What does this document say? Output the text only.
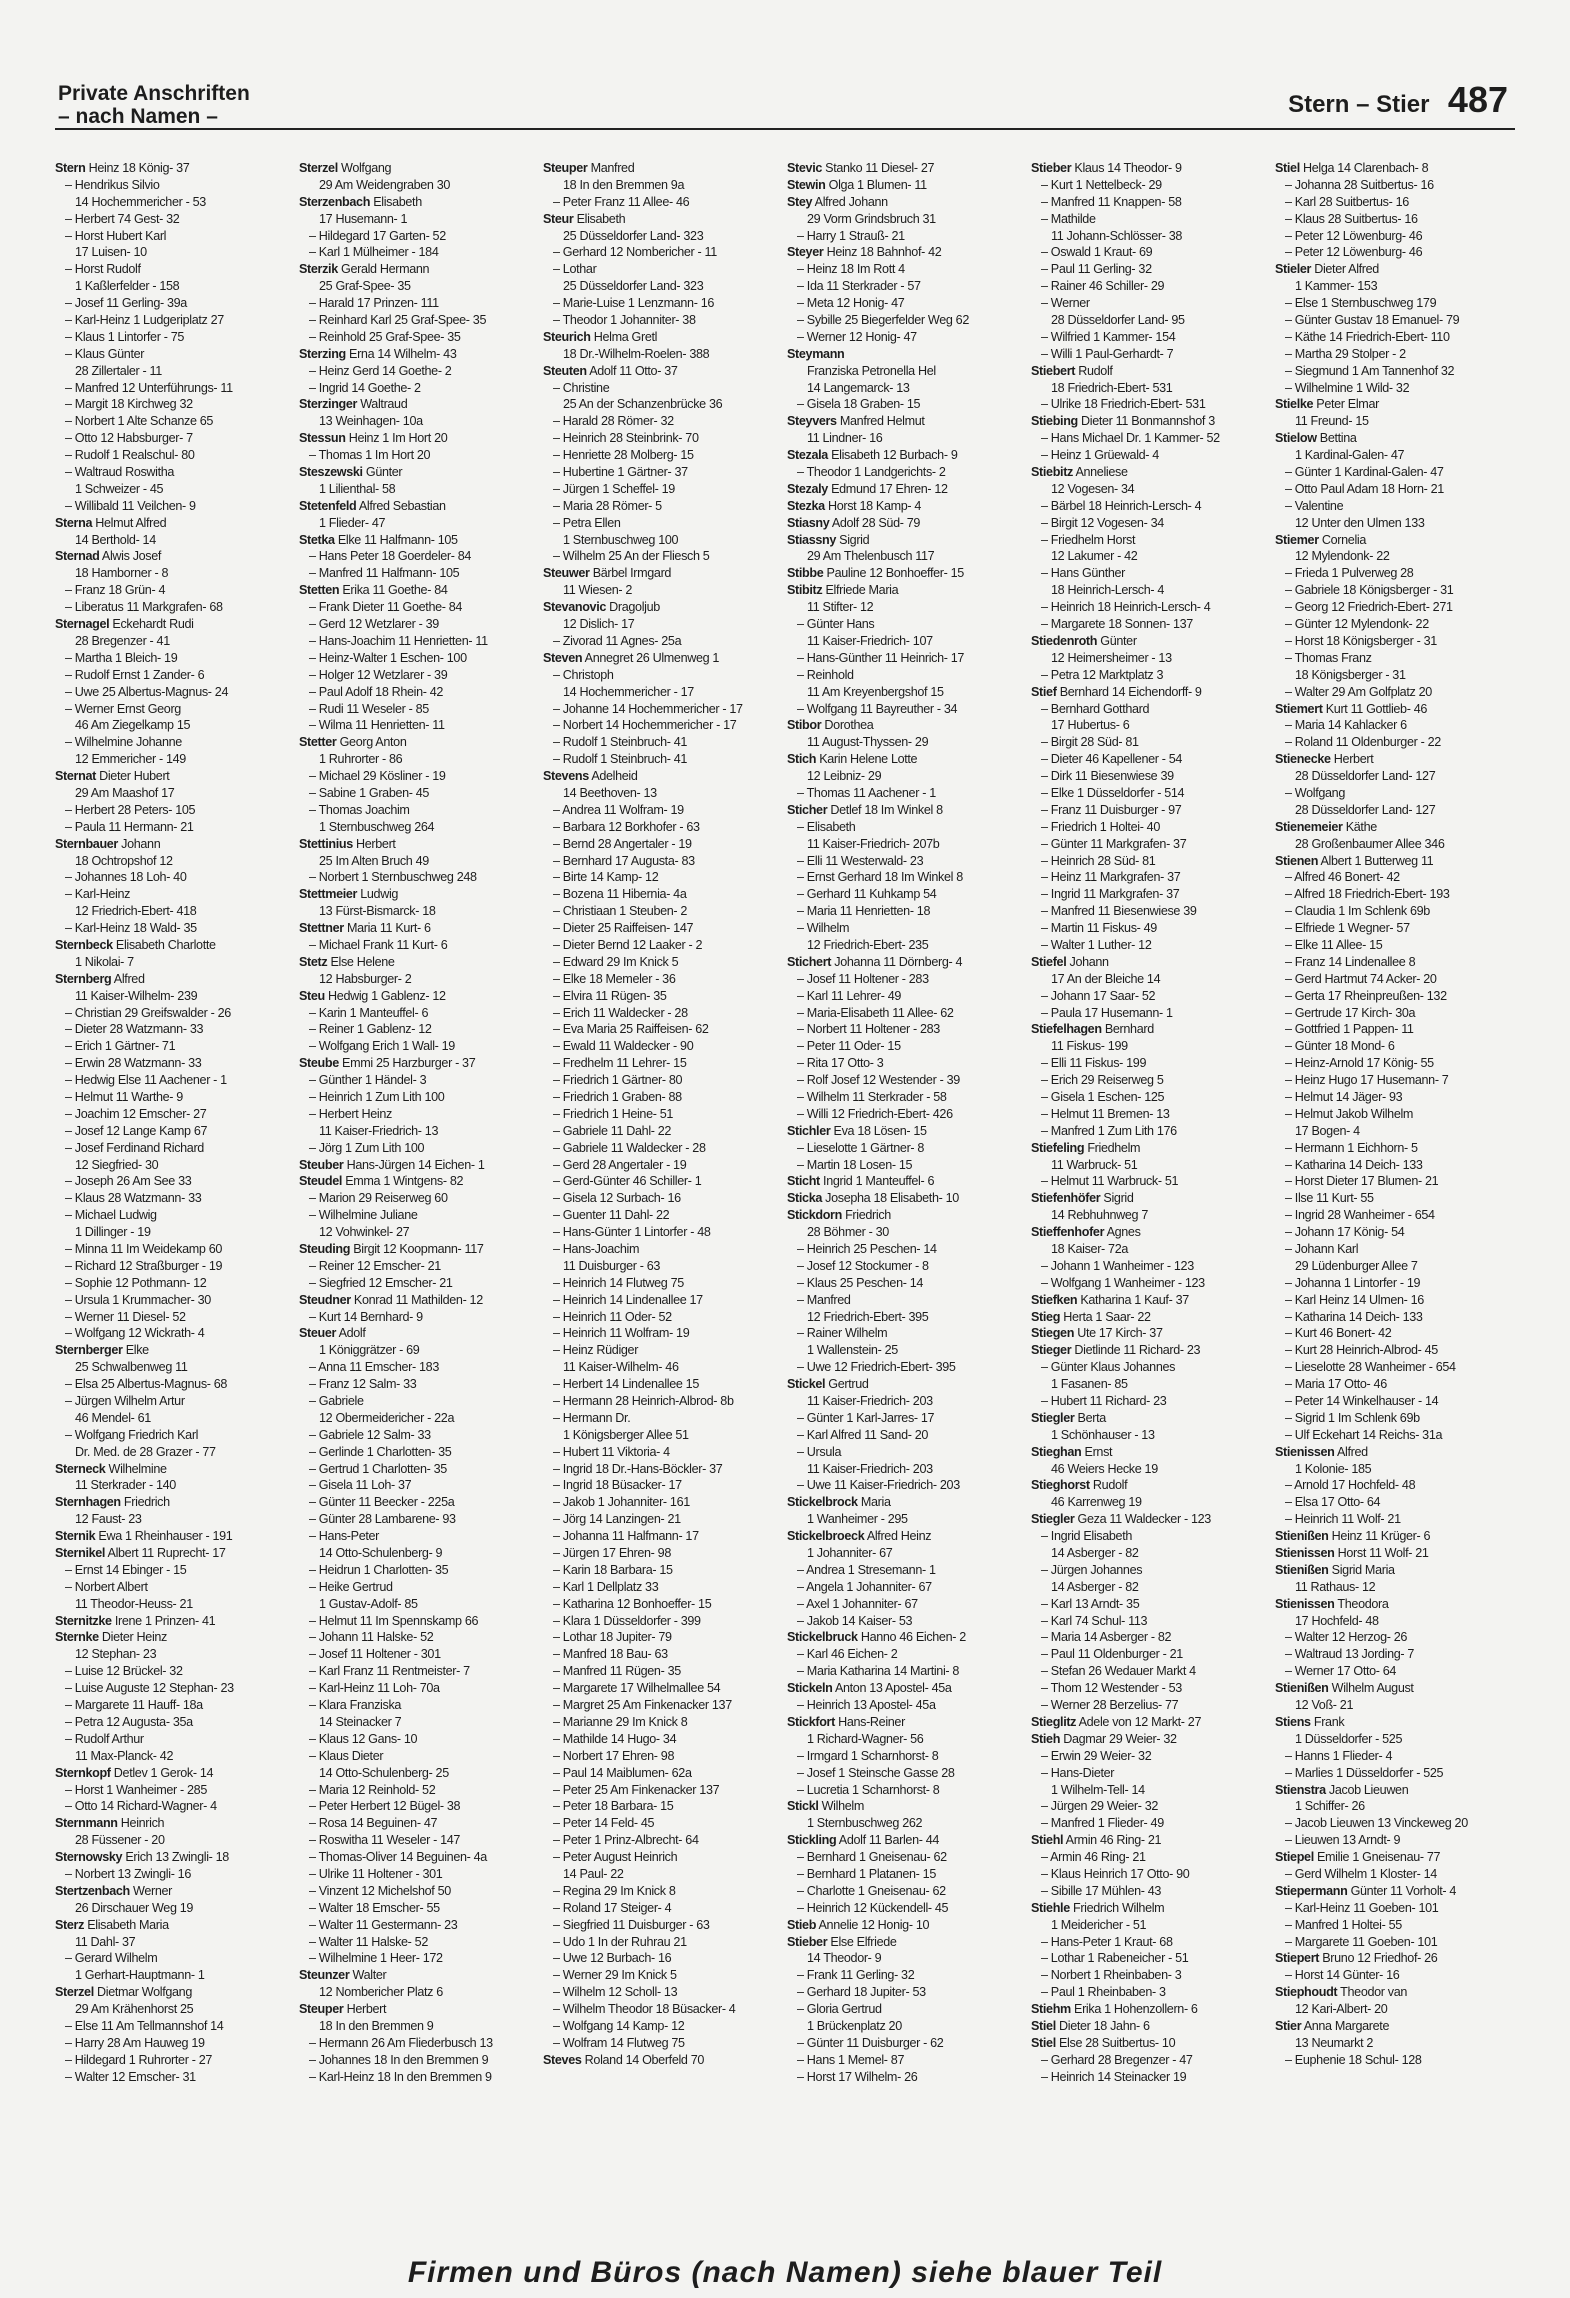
Private Anschriften
– nach Namen –	Stern – Stier 487
Stern Heinz 18 König- 37
– Hendrikus Silvio
14 Hochemmericher - 53
– Herbert 74 Gest- 32
– Horst Hubert Karl
17 Luisen- 10
– Horst Rudolf
1 Kaßlerfelder - 158
– Josef 11 Gerling- 39a
– Karl-Heinz 1 Ludgeriplatz 27
– Klaus 1 Lintorfer - 75
– Klaus Günter
28 Zillertaler - 11
– Manfred 12 Unterführungs- 11
– Margit 18 Kirchweg 32
– Norbert 1 Alte Schanze 65
– Otto 12 Habsburger- 7
– Rudolf 1 Realschul- 80
– Waltraud Roswitha
1 Schweizer - 45
– Willibald 11 Veilchen- 9
Sterna Helmut Alfred
14 Berthold- 14
Sternad Alwis Josef
18 Hamborner - 8
– Franz 18 Grün- 4
– Liberatus 11 Markgrafen- 68
Sternagel Eckehardt Rudi
28 Bregenzer - 41
– Martha 1 Bleich- 19
– Rudolf Ernst 1 Zander- 6
– Uwe 25 Albertus-Magnus- 24
– Werner Ernst Georg
46 Am Ziegelkamp 15
– Wilhelmine Johanne
12 Emmericher - 149
Sternat Dieter Hubert
29 Am Maashof 17
– Herbert 28 Peters- 105
– Paula 11 Hermann- 21
Sternbauer Johann
18 Ochtropshof 12
– Johannes 18 Loh- 40
– Karl-Heinz
12 Friedrich-Ebert- 418
– Karl-Heinz 18 Wald- 35
Sternbeck Elisabeth Charlotte
1 Nikolai- 7
Sternberg Alfred
11 Kaiser-Wilhelm- 239
– Christian 29 Greifswalder - 26
– Dieter 28 Watzmann- 33
– Erich 1 Gärtner- 71
– Erwin 28 Watzmann- 33
– Hedwig Else 11 Aachener - 1
– Helmut 11 Warthe- 9
– Joachim 12 Emscher- 27
– Josef 12 Lange Kamp 67
– Josef Ferdinand Richard
12 Siegfried- 30
– Joseph 26 Am See 33
– Klaus 28 Watzmann- 33
– Michael Ludwig
1 Dillinger - 19
– Minna 11 Im Weidekamp 60
– Richard 12 Straßburger - 19
– Sophie 12 Pothmann- 12
– Ursula 1 Krummacher- 30
– Werner 11 Diesel- 52
– Wolfgang 12 Wickrath- 4
Sternberger Elke
25 Schwalbenweg 11
– Elsa 25 Albertus-Magnus- 68
– Jürgen Wilhelm Artur
46 Mendel- 61
– Wolfgang Friedrich Karl
Dr. Med. de 28 Grazer - 77
Sterneck Wilhelmine
11 Sterkrader - 140
Sternhagen Friedrich
12 Faust- 23
Sternik Ewa 1 Rheinhauser - 191
Sternikel Albert 11 Ruprecht- 17
– Ernst 14 Ebinger - 15
– Norbert Albert
11 Theodor-Heuss- 21
Sternitzke Irene 1 Prinzen- 41
Sternke Dieter Heinz
12 Stephan- 23
– Luise 12 Brückel- 32
– Luise Auguste 12 Stephan- 23
– Margarete 11 Hauff- 18a
– Petra 12 Augusta- 35a
– Rudolf Arthur
11 Max-Planck- 42
Sternkopf Detlev 1 Gerok- 14
– Horst 1 Wanheimer - 285
– Otto 14 Richard-Wagner- 4
Sternmann Heinrich
28 Füssener - 20
Sternowsky Erich 13 Zwingli- 18
– Norbert 13 Zwingli- 16
Stertzenbach Werner
26 Dirschauer Weg 19
Sterz Elisabeth Maria
11 Dahl- 37
– Gerard Wilhelm
1 Gerhart-Hauptmann- 1
Sterzel Dietmar Wolfgang
29 Am Krähenhorst 25
– Else 11 Am Tellmannshof 14
– Harry 28 Am Hauweg 19
– Hildegard 1 Ruhrorter - 27
– Walter 12 Emscher- 31
Sterzel Wolfgang
29 Am Weidengraben 30
Sterzenbach Elisabeth
17 Husemann- 1
– Hildegard 17 Garten- 52
– Karl 1 Mülheimer - 184
Sterzik Gerald Hermann
25 Graf-Spee- 35
– Harald 17 Prinzen- 111
– Reinhard Karl 25 Graf-Spee- 35
– Reinhold 25 Graf-Spee- 35
Sterzing Erna 14 Wilhelm- 43
– Heinz Gerd 14 Goethe- 2
– Ingrid 14 Goethe- 2
Sterzinger Waltraud
13 Weinhagen- 10a
Stessun Heinz 1 Im Hort 20
– Thomas 1 Im Hort 20
Steszewski Günter
1 Lilienthal- 58
Stetenfeld Alfred Sebastian
1 Flieder- 47
Stetka Elke 11 Halfmann- 105
– Hans Peter 18 Goerdeler- 84
– Manfred 11 Halfmann- 105
Stetten Erika 11 Goethe- 84
– Frank Dieter 11 Goethe- 84
– Gerd 12 Wetzlarer - 39
– Hans-Joachim 11 Henrietten- 11
– Heinz-Walter 1 Eschen- 100
– Holger 12 Wetzlarer - 39
– Paul Adolf 18 Rhein- 42
– Rudi 11 Weseler - 85
– Wilma 11 Henrietten- 11
Stetter Georg Anton
1 Ruhrorter - 86
– Michael 29 Kösliner - 19
– Sabine 1 Graben- 45
– Thomas Joachim
1 Sternbuschweg 264
Stettinius Herbert
25 Im Alten Bruch 49
– Norbert 1 Sternbuschweg 248
Stettmeier Ludwig
13 Fürst-Bismarck- 18
Stettner Maria 11 Kurt- 6
– Michael Frank 11 Kurt- 6
Stetz Else Helene
12 Habsburger- 2
Steu Hedwig 1 Gablenz- 12
– Karin 1 Manteuffel- 6
– Reiner 1 Gablenz- 12
– Wolfgang Erich 1 Wall- 19
Steube Emmi 25 Harzburger - 37
– Günther 1 Händel- 3
– Heinrich 1 Zum Lith 100
– Herbert Heinz
11 Kaiser-Friedrich- 13
– Jörg 1 Zum Lith 100
Steuber Hans-Jürgen 14 Eichen- 1
Steudel Emma 1 Wintgens- 82
– Marion 29 Reiserweg 60
– Wilhelmine Juliane
12 Vohwinkel- 27
Steuding Birgit 12 Koopmann- 117
– Reiner 12 Emscher- 21
– Siegfried 12 Emscher- 21
Steudner Konrad 11 Mathilden- 12
– Kurt 14 Bernhard- 9
Steuer Adolf
1 Königgrätzer - 69
– Anna 11 Emscher- 183
– Franz 12 Salm- 33
– Gabriele
12 Obermeidericher - 22a
– Gabriele 12 Salm- 33
– Gerlinde 1 Charlotten- 35
– Gertrud 1 Charlotten- 35
– Gisela 11 Loh- 37
– Günter 11 Beecker - 225a
– Günter 28 Lambarene- 93
– Hans-Peter
14 Otto-Schulenberg- 9
– Heidrun 1 Charlotten- 35
– Heike Gertrud
1 Gustav-Adolf- 85
– Helmut 11 Im Spennskamp 66
– Johann 11 Halske- 52
– Josef 11 Holtener - 301
– Karl Franz 11 Rentmeister- 7
– Karl-Heinz 11 Loh- 70a
– Klara Franziska
14 Steinacker 7
– Klaus 12 Gans- 10
– Klaus Dieter
14 Otto-Schulenberg- 25
– Maria 12 Reinhold- 52
– Peter Herbert 12 Bügel- 38
– Rosa 14 Beguinen- 47
– Roswitha 11 Weseler - 147
– Thomas-Oliver 14 Beguinen- 4a
– Ulrike 11 Holtener - 301
– Vinzent 12 Michelshof 50
– Walter 18 Emscher- 55
– Walter 11 Gestermann- 23
– Walter 11 Halske- 52
– Wilhelmine 1 Heer- 172
Steunzer Walter
12 Nombericher Platz 6
Steuper Herbert
18 In den Bremmen 9
– Hermann 26 Am Fliederbusch 13
– Johannes 18 In den Bremmen 9
– Karl-Heinz 18 In den Bremmen 9
Steuper Manfred
18 In den Bremmen 9a
– Peter Franz 11 Allee- 46
Steur Elisabeth
25 Düsseldorfer Land- 323
– Gerhard 12 Nombericher - 11
– Lothar
25 Düsseldorfer Land- 323
– Marie-Luise 1 Lenzmann- 16
– Theodor 1 Johanniter- 38
Steurich Helma Gretl
18 Dr.-Wilhelm-Roelen- 388
Steuten Adolf 11 Otto- 37
– Christine
25 An der Schanzenbrücke 36
– Harald 28 Römer- 32
– Heinrich 28 Steinbrink- 70
– Henriette 28 Molberg- 15
– Hubertine 1 Gärtner- 37
– Jürgen 1 Scheffel- 19
– Maria 28 Römer- 5
– Petra Ellen
1 Sternbuschweg 100
– Wilhelm 25 An der Fliesch 5
Steuwer Bärbel Irmgard
11 Wiesen- 2
Stevanovic Dragoljub
12 Dislich- 17
– Zivorad 11 Agnes- 25a
Steven Annegret 26 Ulmenweg 1
– Christoph
14 Hochemmericher - 17
– Johanne 14 Hochemmericher - 17
– Norbert 14 Hochemmericher - 17
– Rudolf 1 Steinbruch- 41
– Rudolf 1 Steinbruch- 41
Stevens Adelheid
14 Beethoven- 13
– Andrea 11 Wolfram- 19
– Barbara 12 Borkhofer - 63
– Bernd 28 Angertaler - 19
– Bernhard 17 Augusta- 83
– Birte 14 Kamp- 12
– Bozena 11 Hibernia- 4a
– Christiaan 1 Steuben- 2
– Dieter 25 Raiffeisen- 147
– Dieter Bernd 12 Laaker - 2
– Edward 29 Im Knick 5
– Elke 18 Memeler - 36
– Elvira 11 Rügen- 35
– Erich 11 Waldecker - 28
– Eva Maria 25 Raiffeisen- 62
– Ewald 11 Waldecker - 90
– Fredhelm 11 Lehrer- 15
– Friedrich 1 Gärtner- 80
– Friedrich 1 Graben- 88
– Friedrich 1 Heine- 51
– Gabriele 11 Dahl- 22
– Gabriele 11 Waldecker - 28
– Gerd 28 Angertaler - 19
– Gerd-Günter 46 Schiller- 1
– Gisela 12 Surbach- 16
– Guenter 11 Dahl- 22
– Hans-Günter 1 Lintorfer - 48
– Hans-Joachim
11 Duisburger - 63
– Heinrich 14 Flutweg 75
– Heinrich 14 Lindenallee 17
– Heinrich 11 Oder- 52
– Heinrich 11 Wolfram- 19
– Heinz Rüdiger
11 Kaiser-Wilhelm- 46
– Herbert 14 Lindenallee 15
– Hermann 28 Heinrich-Albrod- 8b
– Hermann Dr.
1 Königsberger Allee 51
– Hubert 11 Viktoria- 4
– Ingrid 18 Dr.-Hans-Böckler- 37
– Ingrid 18 Büsacker- 17
– Jakob 1 Johanniter- 161
– Jörg 14 Lanzingen- 21
– Johanna 11 Halfmann- 17
– Jürgen 17 Ehren- 98
– Karin 18 Barbara- 15
– Karl 1 Dellplatz 33
– Katharina 12 Bonhoeffer- 15
– Klara 1 Düsseldorfer - 399
– Lothar 18 Jupiter- 79
– Manfred 18 Bau- 63
– Manfred 11 Rügen- 35
– Margarete 17 Wilhelmallee 54
– Margret 25 Am Finkenacker 137
– Marianne 29 Im Knick 8
– Mathilde 14 Hugo- 34
– Norbert 17 Ehren- 98
– Paul 14 Maiblumen- 62a
– Peter 25 Am Finkenacker 137
– Peter 18 Barbara- 15
– Peter 14 Feld- 45
– Peter 1 Prinz-Albrecht- 64
– Peter August Heinrich
14 Paul- 22
– Regina 29 Im Knick 8
– Roland 17 Steiger- 4
– Siegfried 11 Duisburger - 63
– Udo 1 In der Ruhrau 21
– Uwe 12 Burbach- 16
– Werner 29 Im Knick 5
– Wilhelm 12 Scholl- 13
– Wilhelm Theodor 18 Büsacker- 4
– Wolfgang 14 Kamp- 12
– Wolfram 14 Flutweg 75
Steves Roland 14 Oberfeld 70
Stevic Stanko 11 Diesel- 27
Stewin Olga 1 Blumen- 11
Stey Alfred Johann
29 Vorm Grindsbruch 31
– Harry 1 Strauß- 21
Steyer Heinz 18 Bahnhof- 42
– Heinz 18 Im Rott 4
– Ida 11 Sterkrader - 57
– Meta 12 Honig- 47
– Sybille 25 Biegerfelder Weg 62
– Werner 12 Honig- 47
Steymann
Franziska Petronella Hel
14 Langemarck- 13
– Gisela 18 Graben- 15
Steyvers Manfred Helmut
11 Lindner- 16
Stezala Elisabeth 12 Burbach- 9
– Theodor 1 Landgerichts- 2
Stezaly Edmund 17 Ehren- 12
Stezka Horst 18 Kamp- 4
Stiasny Adolf 28 Süd- 79
Stiassny Sigrid
29 Am Thelenbusch 117
Stibbe Pauline 12 Bonhoeffer- 15
Stibitz Elfriede Maria
11 Stifter- 12
– Günter Hans
11 Kaiser-Friedrich- 107
– Hans-Günther 11 Heinrich- 17
– Reinhold
11 Am Kreyenbergshof 15
– Wolfgang 11 Bayreuther - 34
Stibor Dorothea
11 August-Thyssen- 29
Stich Karin Helene Lotte
12 Leibniz- 29
– Thomas 11 Aachener - 1
Sticher Detlef 18 Im Winkel 8
– Elisabeth
11 Kaiser-Friedrich- 207b
– Elli 11 Westerwald- 23
– Ernst Gerhard 18 Im Winkel 8
– Gerhard 11 Kuhkamp 54
– Maria 11 Henrietten- 18
– Wilhelm
12 Friedrich-Ebert- 235
Stichert Johanna 11 Dörnberg- 4
– Josef 11 Holtener - 283
– Karl 11 Lehrer- 49
– Maria-Elisabeth 11 Allee- 62
– Norbert 11 Holtener - 283
– Peter 11 Oder- 15
– Rita 17 Otto- 3
– Rolf Josef 12 Westender - 39
– Wilhelm 11 Sterkrader - 58
– Willi 12 Friedrich-Ebert- 426
Stichler Eva 18 Lösen- 15
– Lieselotte 1 Gärtner- 8
– Martin 18 Losen- 15
Sticht Ingrid 1 Manteuffel- 6
Sticka Josepha 18 Elisabeth- 10
Stickdorn Friedrich
28 Böhmer - 30
– Heinrich 25 Peschen- 14
– Josef 12 Stockumer - 8
– Klaus 25 Peschen- 14
– Manfred
12 Friedrich-Ebert- 395
– Rainer Wilhelm
1 Wallenstein- 25
– Uwe 12 Friedrich-Ebert- 395
Stickel Gertrud
11 Kaiser-Friedrich- 203
– Günter 1 Karl-Jarres- 17
– Karl Alfred 11 Sand- 20
– Ursula
11 Kaiser-Friedrich- 203
– Uwe 11 Kaiser-Friedrich- 203
Stickelbrock Maria
1 Wanheimer - 295
Stickelbroeck Alfred Heinz
1 Johanniter- 67
– Andrea 1 Stresemann- 1
– Angela 1 Johanniter- 67
– Axel 1 Johanniter- 67
– Jakob 14 Kaiser- 53
Stickelbruck Hanno 46 Eichen- 2
– Karl 46 Eichen- 2
– Maria Katharina 14 Martini- 8
Stickeln Anton 13 Apostel- 45a
– Heinrich 13 Apostel- 45a
Stickfort Hans-Reiner
1 Richard-Wagner- 56
– Irmgard 1 Scharnhorst- 8
– Josef 1 Steinsche Gasse 28
– Lucretia 1 Scharnhorst- 8
Stickl Wilhelm
1 Sternbuschweg 262
Stickling Adolf 11 Barlen- 44
– Bernhard 1 Gneisenau- 62
– Bernhard 1 Platanen- 15
– Charlotte 1 Gneisenau- 62
– Heinrich 12 Kückendell- 45
Stieb Annelie 12 Honig- 10
Stieber Else Elfriede
14 Theodor- 9
– Frank 11 Gerling- 32
– Gerhard 18 Jupiter- 53
– Gloria Gertrud
1 Brückenplatz 20
– Günter 11 Duisburger - 62
– Hans 1 Memel- 87
– Horst 17 Wilhelm- 26
Stieber Klaus 14 Theodor- 9
– Kurt 1 Nettelbeck- 29
– Manfred 11 Knappen- 58
– Mathilde
11 Johann-Schlösser- 38
– Oswald 1 Kraut- 69
– Paul 11 Gerling- 32
– Rainer 46 Schiller- 29
– Werner
28 Düsseldorfer Land- 95
– Wilfried 1 Kammer- 154
– Willi 1 Paul-Gerhardt- 7
Stiebert Rudolf
18 Friedrich-Ebert- 531
– Ulrike 18 Friedrich-Ebert- 531
Stiebing Dieter 11 Bonmannshof 3
– Hans Michael Dr. 1 Kammer- 52
– Heinz 1 Grüewald- 4
Stiebitz Anneliese
12 Vogesen- 34
– Bärbel 18 Heinrich-Lersch- 4
– Birgit 12 Vogesen- 34
– Friedhelm Horst
12 Lakumer - 42
– Hans Günther
18 Heinrich-Lersch- 4
– Heinrich 18 Heinrich-Lersch- 4
– Margarete 18 Sonnen- 137
Stiedenroth Günter
12 Heimersheimer - 13
– Petra 12 Marktplatz 3
Stief Bernhard 14 Eichendorff- 9
– Bernhard Gotthard
17 Hubertus- 6
– Birgit 28 Süd- 81
– Dieter 46 Kapellener - 54
– Dirk 11 Biesenwiese 39
– Elke 1 Düsseldorfer - 514
– Franz 11 Duisburger - 97
– Friedrich 1 Holtei- 40
– Günter 11 Markgrafen- 37
– Heinrich 28 Süd- 81
– Heinz 11 Markgrafen- 37
– Ingrid 11 Markgrafen- 37
– Manfred 11 Biesenwiese 39
– Martin 11 Fiskus- 49
– Walter 1 Luther- 12
Stiefel Johann
17 An der Bleiche 14
– Johann 17 Saar- 52
– Paula 17 Husemann- 1
Stiefelhagen Bernhard
11 Fiskus- 199
– Elli 11 Fiskus- 199
– Erich 29 Reiserweg 5
– Gisela 1 Eschen- 125
– Helmut 11 Bremen- 13
– Manfred 1 Zum Lith 176
Stiefeling Friedhelm
11 Warbruck- 51
– Helmut 11 Warbruck- 51
Stiefenhöfer Sigrid
14 Rebhuhnweg 7
Stieffenhofer Agnes
18 Kaiser- 72a
– Johann 1 Wanheimer - 123
– Wolfgang 1 Wanheimer - 123
Stiefken Katharina 1 Kauf- 37
Stieg Herta 1 Saar- 22
Stiegen Ute 17 Kirch- 37
Stieger Dietlinde 11 Richard- 23
– Günter Klaus Johannes
1 Fasanen- 85
– Hubert 11 Richard- 23
Stiegler Berta
1 Schönhauser - 13
Stieghan Ernst
46 Weiers Hecke 19
Stieghorst Rudolf
46 Karrenweg 19
Stiegler Geza 11 Waldecker - 123
– Ingrid Elisabeth
14 Asberger - 82
– Jürgen Johannes
14 Asberger - 82
– Karl 13 Arndt- 35
– Karl 74 Schul- 113
– Maria 14 Asberger - 82
– Paul 11 Oldenburger - 21
– Stefan 26 Wedauer Markt 4
– Thom 12 Westender - 53
– Werner 28 Berzelius- 77
Stieglitz Adele von 12 Markt- 27
Stieh Dagmar 29 Weier- 32
– Erwin 29 Weier- 32
– Hans-Dieter
1 Wilhelm-Tell- 14
– Jürgen 29 Weier- 32
– Manfred 1 Flieder- 49
Stiehl Armin 46 Ring- 21
– Armin 46 Ring- 21
– Klaus Heinrich 17 Otto- 90
– Sibille 17 Mühlen- 43
Stiehle Friedrich Wilhelm
1 Meidericher - 51
– Hans-Peter 1 Kraut- 68
– Lothar 1 Rabeneicher - 51
– Norbert 1 Rheinbaben- 3
– Paul 1 Rheinbaben- 3
Stiehm Erika 1 Hohenzollern- 6
Stiel Dieter 18 Jahn- 6
Stiel Else 28 Suitbertus- 10
– Gerhard 28 Bregenzer - 47
– Heinrich 14 Steinacker 19
Stiel Helga 14 Clarenbach- 8
– Johanna 28 Suitbertus- 16
– Karl 28 Suitbertus- 16
– Klaus 28 Suitbertus- 16
– Peter 12 Löwenburg- 46
– Peter 12 Löwenburg- 46
Stieler Dieter Alfred
1 Kammer- 153
– Else 1 Sternbuschweg 179
– Günter Gustav 18 Emanuel- 79
– Käthe 14 Friedrich-Ebert- 110
– Martha 29 Stolper - 2
– Siegmund 1 Am Tannenhof 32
– Wilhelmine 1 Wild- 32
Stielke Peter Elmar
11 Freund- 15
Stielow Bettina
1 Kardinal-Galen- 47
– Günter 1 Kardinal-Galen- 47
– Otto Paul Adam 18 Horn- 21
– Valentine
12 Unter den Ulmen 133
Stiemer Cornelia
12 Mylendonk- 22
– Frieda 1 Pulverweg 28
– Gabriele 18 Königsberger - 31
– Georg 12 Friedrich-Ebert- 271
– Günter 12 Mylendonk- 22
– Horst 18 Königsberger - 31
– Thomas Franz
18 Königsberger - 31
– Walter 29 Am Golfplatz 20
Stiemert Kurt 11 Gottlieb- 46
– Maria 14 Kahlacker 6
– Roland 11 Oldenburger - 22
Stienecke Herbert
28 Düsseldorfer Land- 127
– Wolfgang
28 Düsseldorfer Land- 127
Stienemeier Käthe
28 Großenbaumer Allee 346
Stienen Albert 1 Butterweg 11
– Alfred 46 Bonert- 42
– Alfred 18 Friedrich-Ebert- 193
– Claudia 1 Im Schlenk 69b
– Elfriede 1 Wegner- 57
– Elke 11 Allee- 15
– Franz 14 Lindenallee 8
– Gerd Hartmut 74 Acker- 20
– Gerta 17 Rheinpreußen- 132
– Gertrude 17 Kirch- 30a
– Gottfried 1 Pappen- 11
– Günter 18 Mond- 6
– Heinz-Arnold 17 König- 55
– Heinz Hugo 17 Husemann- 7
– Helmut 14 Jäger- 93
– Helmut Jakob Wilhelm
17 Bogen- 4
– Hermann 1 Eichhorn- 5
– Katharina 14 Deich- 133
– Horst Dieter 17 Blumen- 21
– Ilse 11 Kurt- 55
– Ingrid 28 Wanheimer - 654
– Johann 17 König- 54
– Johann Karl
29 Lüdenburger Allee 7
– Johanna 1 Lintorfer - 19
– Karl Heinz 14 Ulmen- 16
– Katharina 14 Deich- 133
– Kurt 46 Bonert- 42
– Kurt 28 Heinrich-Albrod- 45
– Lieselotte 28 Wanheimer - 654
– Maria 17 Otto- 46
– Peter 14 Winkelhauser - 14
– Sigrid 1 Im Schlenk 69b
– Ulf Eckehart 14 Reichs- 31a
Stienissen Alfred
1 Kolonie- 185
– Arnold 17 Hochfeld- 48
– Elsa 17 Otto- 64
– Heinrich 11 Wolf- 21
Stienißen Heinz 11 Krüger- 6
Stienissen Horst 11 Wolf- 21
Stienißen Sigrid Maria
11 Rathaus- 12
Stienissen Theodora
17 Hochfeld- 48
– Walter 12 Herzog- 26
– Waltraud 13 Jording- 7
– Werner 17 Otto- 64
Stienißen Wilhelm August
12 Voß- 21
Stiens Frank
1 Düsseldorfer - 525
– Hanns 1 Flieder- 4
– Marlies 1 Düsseldorfer - 525
Stienstra Jacob Lieuwen
1 Schiffer- 26
– Jacob Lieuwen 13 Vinckeweg 20
– Lieuwen 13 Arndt- 9
Stiepel Emilie 1 Gneisenau- 77
– Gerd Wilhelm 1 Kloster- 14
Stiepermann Günter 11 Vorholt- 4
– Karl-Heinz 11 Goeben- 101
– Manfred 1 Holtei- 55
– Margarete 11 Goeben- 101
Stiepert Bruno 12 Friedhof- 26
– Horst 14 Günter- 16
Stiephoudt Theodor van
12 Kari-Albert- 20
Stier Anna Margarete
13 Neumarkt 2
– Euphenie 18 Schul- 128
Firmen und Büros (nach Namen) siehe blauer Teil
